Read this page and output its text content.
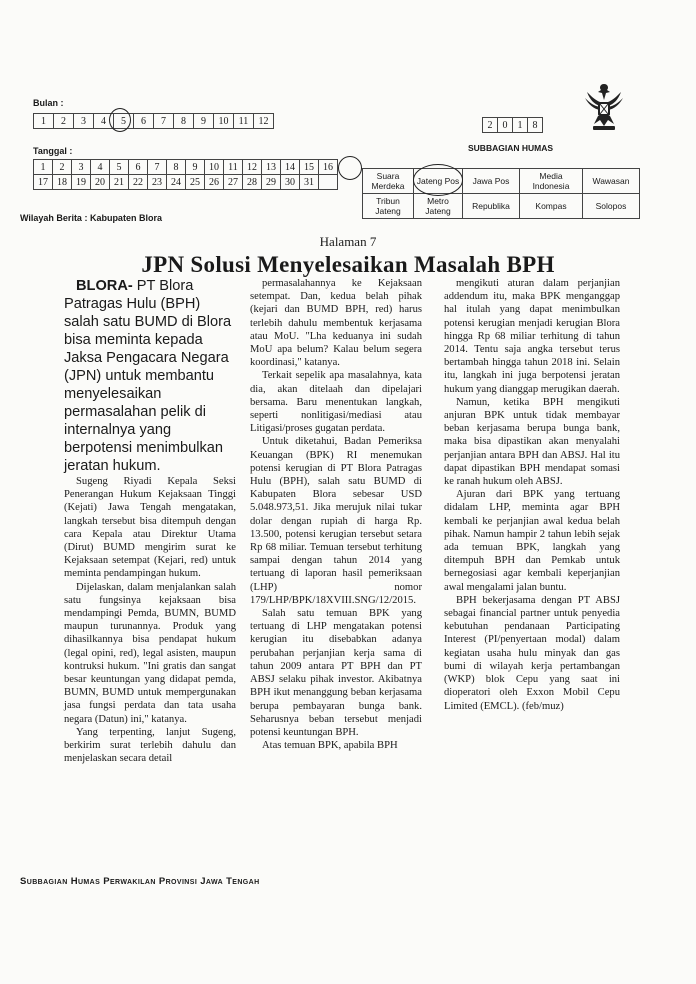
Bulan :
1	2	3	4	5	6	7	8	9	10	11	12	2	0	1	8
SUBBAGIAN HUMAS
Tanggal :
1	2	3	4	5	6	7	8	9	10	11	12	13	14	15	16
17	18	19	20	21	22	23	24	25	26	27	28	29	30	31	
Suara Merdeka	Jateng Pos	Jawa Pos	Media Indonesia	Wawasan
Tribun Jateng	Metro Jateng	Republika	Kompas	Solopos
Wilayah Berita : Kabupaten Blora
Halaman 7
JPN Solusi Menyelesaikan Masalah BPH

BLORA- PT Blora Patragas Hulu (BPH) salah satu BUMD di Blora bisa meminta kepada Jaksa Pengacara Negara (JPN) untuk membantu menyelesaikan permasalahan pelik di internalnya yang berpotensi menimbulkan jeratan hukum.

Sugeng Riyadi Kepala Seksi Penerangan Hukum Kejaksaan Tinggi (Kejati) Jawa Tengah mengatakan, langkah tersebut bisa ditempuh dengan cara Kepala atau Direktur Utama (Dirut) BUMD mengirim surat ke Kejaksaan setempat (Kejari, red) untuk meminta pendampingan hukum.

Dijelaskan, dalam menjalankan salah satu fungsinya kejaksaan bisa mendampingi Pemda, BUMN, BUMD maupun turunannya. Produk yang dihasilkannya bisa pendapat hukum (legal opini, red), legal asisten, maupun kontruksi hukum. "Ini gratis dan sangat besar keuntungan yang didapat pemda, BUMN, BUMD untuk mempergunakan jasa fungsi perdata dan tata usaha negara (Datun) ini," katanya.

Yang terpenting, lanjut Sugeng, berkirim surat terlebih dahulu dan menjelaskan secara detail

permasalahannya ke Kejaksaan setempat. Dan, kedua belah pihak (kejari dan BUMD BPH, red) harus terlebih dahulu membentuk kerjasama atau MoU. "Lha keduanya ini sudah MoU apa belum? Kalau belum segera koordinasi," katanya.

Terkait sepelik apa masalahnya, kata dia, akan ditelaah dan dipelajari bersama. Baru menentukan langkah, seperti nonlitigasi/mediasi atau Litigasi/proses gugatan perdata.

Untuk diketahui, Badan Pemeriksa Keuangan (BPK) RI menemukan potensi kerugian di PT Blora Patragas Hulu (BPH), salah satu BUMD di Kabupaten Blora sebesar USD 5.048.973,51. Jika merujuk nilai tukar dolar dengan rupiah di harga Rp. 13.500, potensi kerugian tersebut setara Rp 68 miliar. Temuan tersebut terhitung sampai dengan tahun 2014 yang tertuang di laporan hasil pemeriksaan (LHP) nomor 179/LHP/BPK/18XVIII.SNG/12/2015.

Salah satu temuan BPK yang tertuang di LHP mengatakan potensi kerugian itu disebabkan adanya perubahan perjanjian kerja sama di tahun 2009 antara PT BPH dan PT ABSJ selaku pihak investor. Akibatnya BPH ikut menanggung beban kerjasama berupa pembayaran bunga bank. Seharusnya beban tersebut menjadi potensi keuntungan BPH.

Atas temuan BPK, apabila BPH

mengikuti aturan dalam perjanjian addendum itu, maka BPK menganggap hal itulah yang dapat menimbulkan potensi kerugian menjadi kerugian Blora hingga Rp 68 miliar terhitung di tahun 2014. Tentu saja angka tersebut terus bertambah hingga tahun 2018 ini. Selain itu, langkah ini juga berpotensi jeratan hukum yang dianggap merugikan daerah.

Namun, ketika BPH mengikuti anjuran BPK untuk tidak membayar beban kerjasama berupa bunga bank, maka bisa dipastikan akan menyalahi perjanjian antara BPH dan ABSJ. Hal itu dapat dipastikan BPH mendapat somasi ke ranah hukum oleh ABSJ.

Ajuran dari BPK yang tertuang didalam LHP, meminta agar BPH kembali ke perjanjian awal kedua belah pihak. Namun hampir 2 tahun lebih sejak ada temuan BPK, langkah yang ditempuh BPH dan Pemkab untuk bernegosiasi agar kembali keperjanjian awal mengalami jalan buntu.

BPH bekerjasama dengan PT ABSJ sebagai financial partner untuk penyedia kebutuhan pendanaan Participating Interest (PI/penyertaan modal) dalam kegiatan usaha hulu minyak dan gas bumi di wilayah kerja pertambangan (WKP) blok Cepu yang saat ini dioperatori oleh Exxon Mobil Cepu Limited (EMCL). (feb/muz)

Subbagian Humas Perwakilan Provinsi Jawa Tengah
